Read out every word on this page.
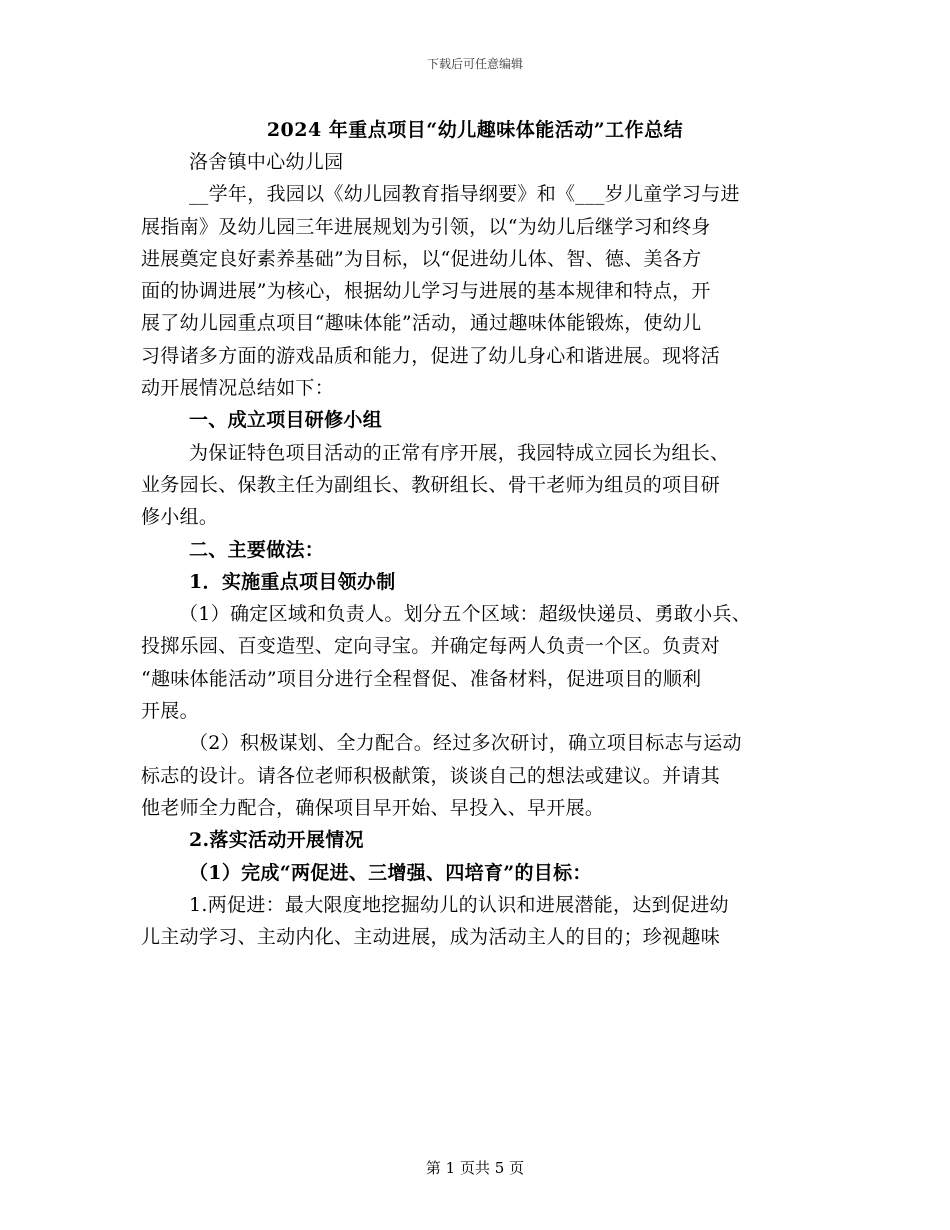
下载后可任意编辑
2024 年重点项目“幼儿趣味体能活动”工作总结
洛舍镇中心幼儿园
__学年，我园以《幼儿园教育指导纲要》和《___岁儿童学习与进
展指南》及幼儿园三年进展规划为引领，以“为幼儿后继学习和终身
进展奠定良好素养基础”为目标，以“促进幼儿体、智、德、美各方
面的协调进展”为核心，根据幼儿学习与进展的基本规律和特点，开
展了幼儿园重点项目“趣味体能”活动，通过趣味体能锻炼，使幼儿
习得诸多方面的游戏品质和能力，促进了幼儿身心和谐进展。现将活
动开展情况总结如下：
一、成立项目研修小组
为保证特色项目活动的正常有序开展，我园特成立园长为组长、
业务园长、保教主任为副组长、教研组长、骨干老师为组员的项目研
修小组。
二、主要做法：
1．实施重点项目领办制
（1）确定区域和负责人。划分五个区域：超级快递员、勇敢小兵、
投掷乐园、百变造型、定向寻宝。并确定每两人负责一个区。负责对
“趣味体能活动”项目分进行全程督促、准备材料，促进项目的顺利
开展。
（2）积极谋划、全力配合。经过多次研讨，确立项目标志与运动
标志的设计。请各位老师积极献策，谈谈自己的想法或建议。并请其
他老师全力配合，确保项目早开始、早投入、早开展。
2.落实活动开展情况
（1）完成“两促进、三增强、四培育”的目标：
1.两促进：最大限度地挖掘幼儿的认识和进展潜能，达到促进幼
儿主动学习、主动内化、主动进展，成为活动主人的目的；珍视趣味
第 1 页共 5 页
